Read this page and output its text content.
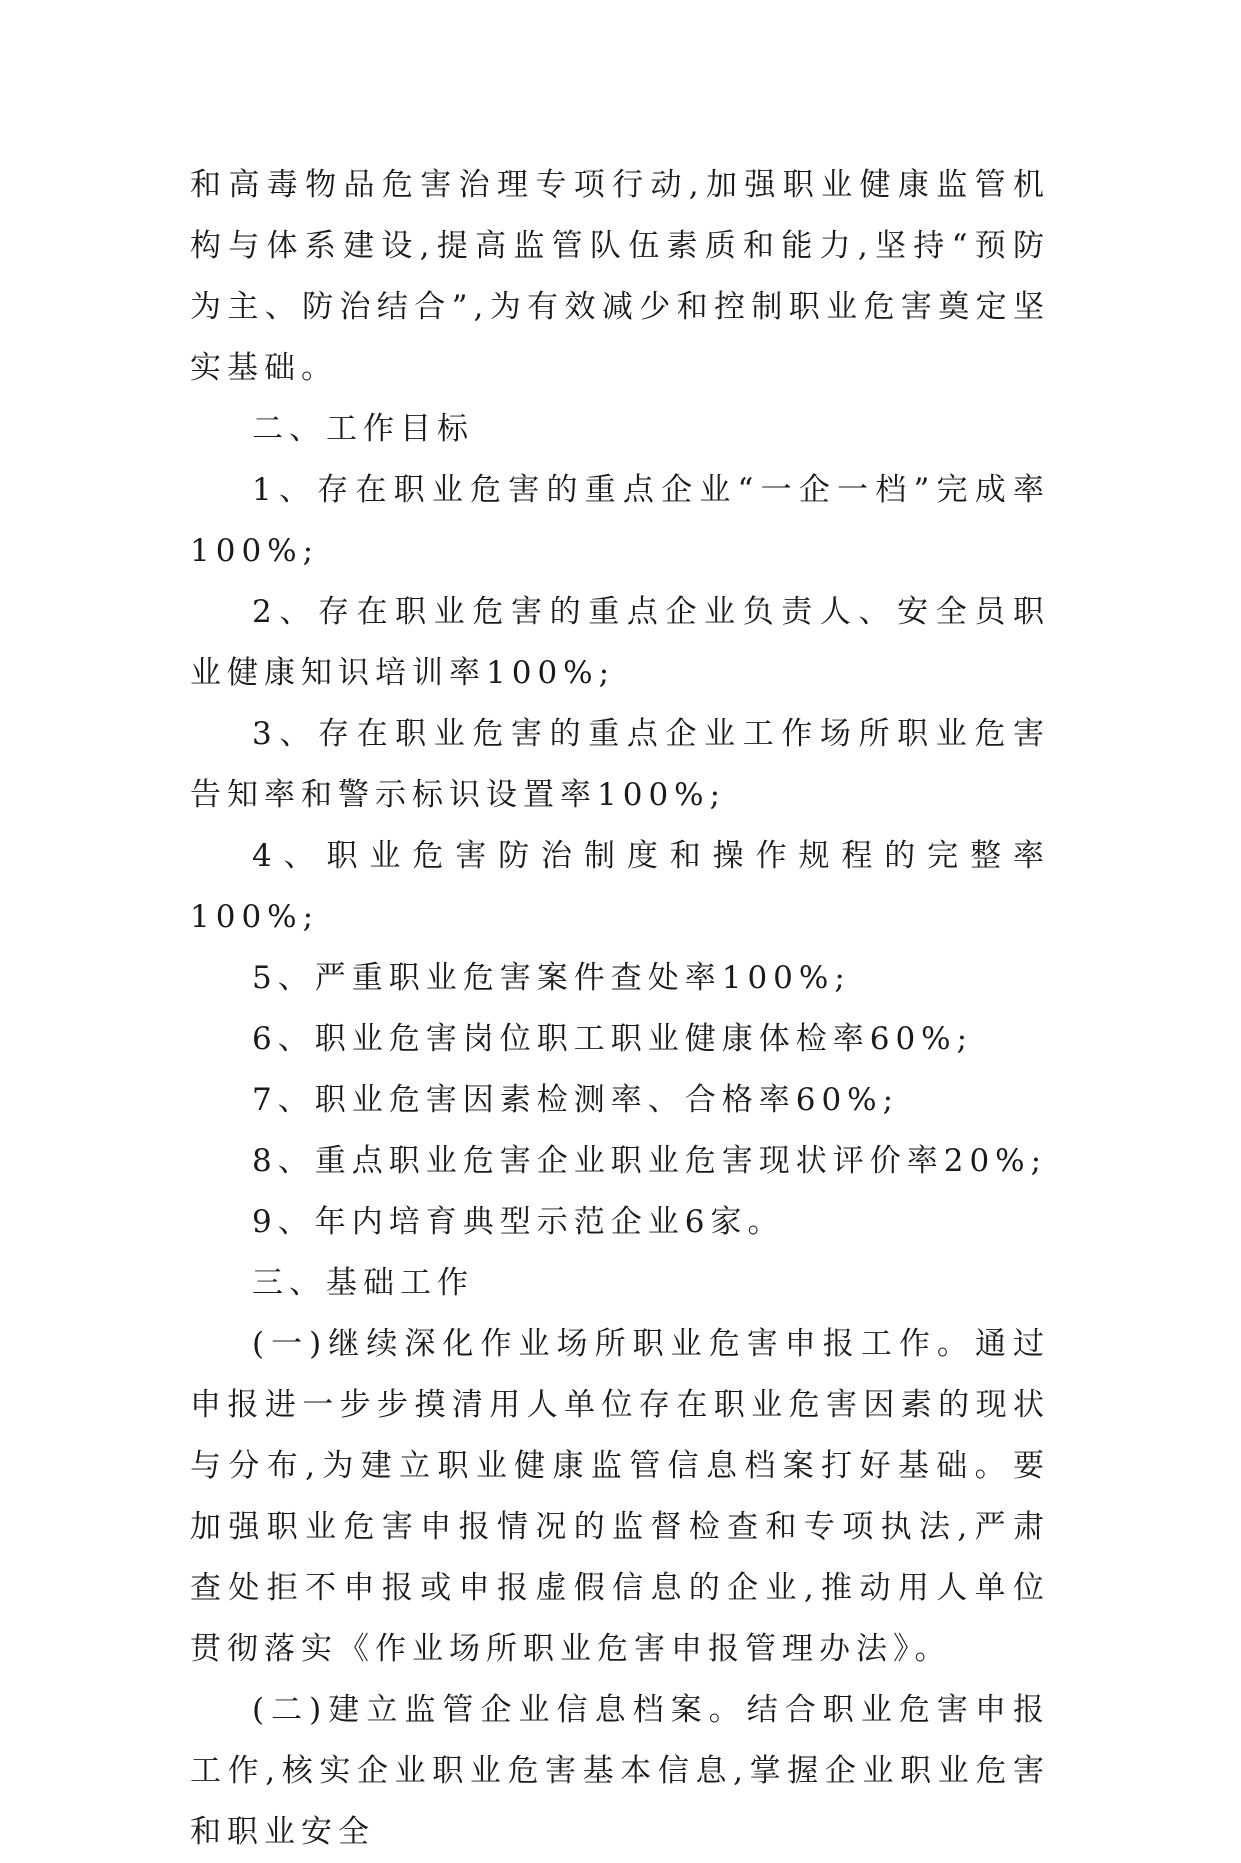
和高毒物品危害治理专项行动,加强职业健康监管机构与体系建设,提高监管队伍素质和能力,坚持“预防为主、防治结合”,为有效减少和控制职业危害奠定坚实基础。

二、工作目标

1、存在职业危害的重点企业“一企一档”完成率100%;

2、存在职业危害的重点企业负责人、安全员职业健康知识培训率100%;

3、存在职业危害的重点企业工作场所职业危害告知率和警示标识设置率100%;

4、职业危害防治制度和操作规程的完整率100%;

5、严重职业危害案件查处率100%;

6、职业危害岗位职工职业健康体检率60%;

7、职业危害因素检测率、合格率60%;

8、重点职业危害企业职业危害现状评价率20%;

9、年内培育典型示范企业6家。

三、基础工作

(一)继续深化作业场所职业危害申报工作。通过申报进一步步摸清用人单位存在职业危害因素的现状与分布,为建立职业健康监管信息档案打好基础。要加强职业危害申报情况的监督检查和专项执法,严肃查处拒不申报或申报虚假信息的企业,推动用人单位贯彻落实《作业场所职业危害申报管理办法》。

(二)建立监管企业信息档案。结合职业危害申报工作,核实企业职业危害基本信息,掌握企业职业危害和职业安全
